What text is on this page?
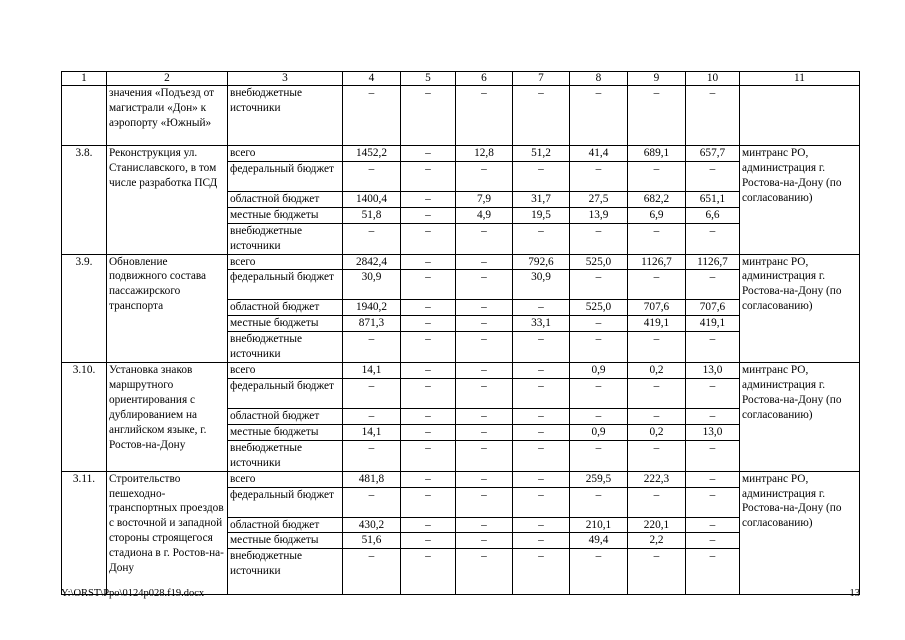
1	2	3	4	5	6	7	8	9	10	11
	значения «Подъезд от магистрали «Дон» к аэропорту «Южный»	внебюджетные источники	–	–	–	–	–	–	–	
3.8.	Реконструкция ул. Станиславского, в том числе разработка ПСД	всего	1452,2	–	12,8	51,2	41,4	689,1	657,7	минтранс РО, администрация г. Ростова-на-Дону (по согласованию)
		федеральный бюджет	–	–	–	–	–	–	–	
		областной бюджет	1400,4	–	7,9	31,7	27,5	682,2	651,1	
		местные бюджеты	51,8	–	4,9	19,5	13,9	6,9	6,6	
		внебюджетные источники	–	–	–	–	–	–	–	
3.9.	Обновление подвижного состава пассажирского транспорта	всего	2842,4	–	–	792,6	525,0	1126,7	1126,7	минтранс РО, администрация г. Ростова-на-Дону (по согласованию)
		федеральный бюджет	30,9	–	–	30,9	–	–	–	
		областной бюджет	1940,2	–	–	–	525,0	707,6	707,6	
		местные бюджеты	871,3	–	–	33,1	–	419,1	419,1	
		внебюджетные источники	–	–	–	–	–	–	–	
3.10.	Установка знаков маршрутного ориентирования с дублированием на английском языке, г. Ростов-на-Дону	всего	14,1	–	–	–	0,9	0,2	13,0	минтранс РО, администрация г. Ростова-на-Дону (по согласованию)
		федеральный бюджет	–	–	–	–	–	–	–	
		областной бюджет	–	–	–	–	–	–	–	
		местные бюджеты	14,1	–	–	–	0,9	0,2	13,0	
		внебюджетные источники	–	–	–	–	–	–	–	
3.11.	Строительство пешеходно-транспортных проездов с восточной и западной стороны строящегося стадиона в г. Ростов-на-Дону	всего	481,8	–	–	–	259,5	222,3	–	минтранс РО, администрация г. Ростова-на-Дону (по согласованию)
		федеральный бюджет	–	–	–	–	–	–	–	
		областной бюджет	430,2	–	–	–	210,1	220,1	–	
		местные бюджеты	51,6	–	–	–	49,4	2,2	–	
		внебюджетные источники	–	–	–	–	–	–	–	
Y:\ORST\Ppo\0124p028.f19.docx	13
